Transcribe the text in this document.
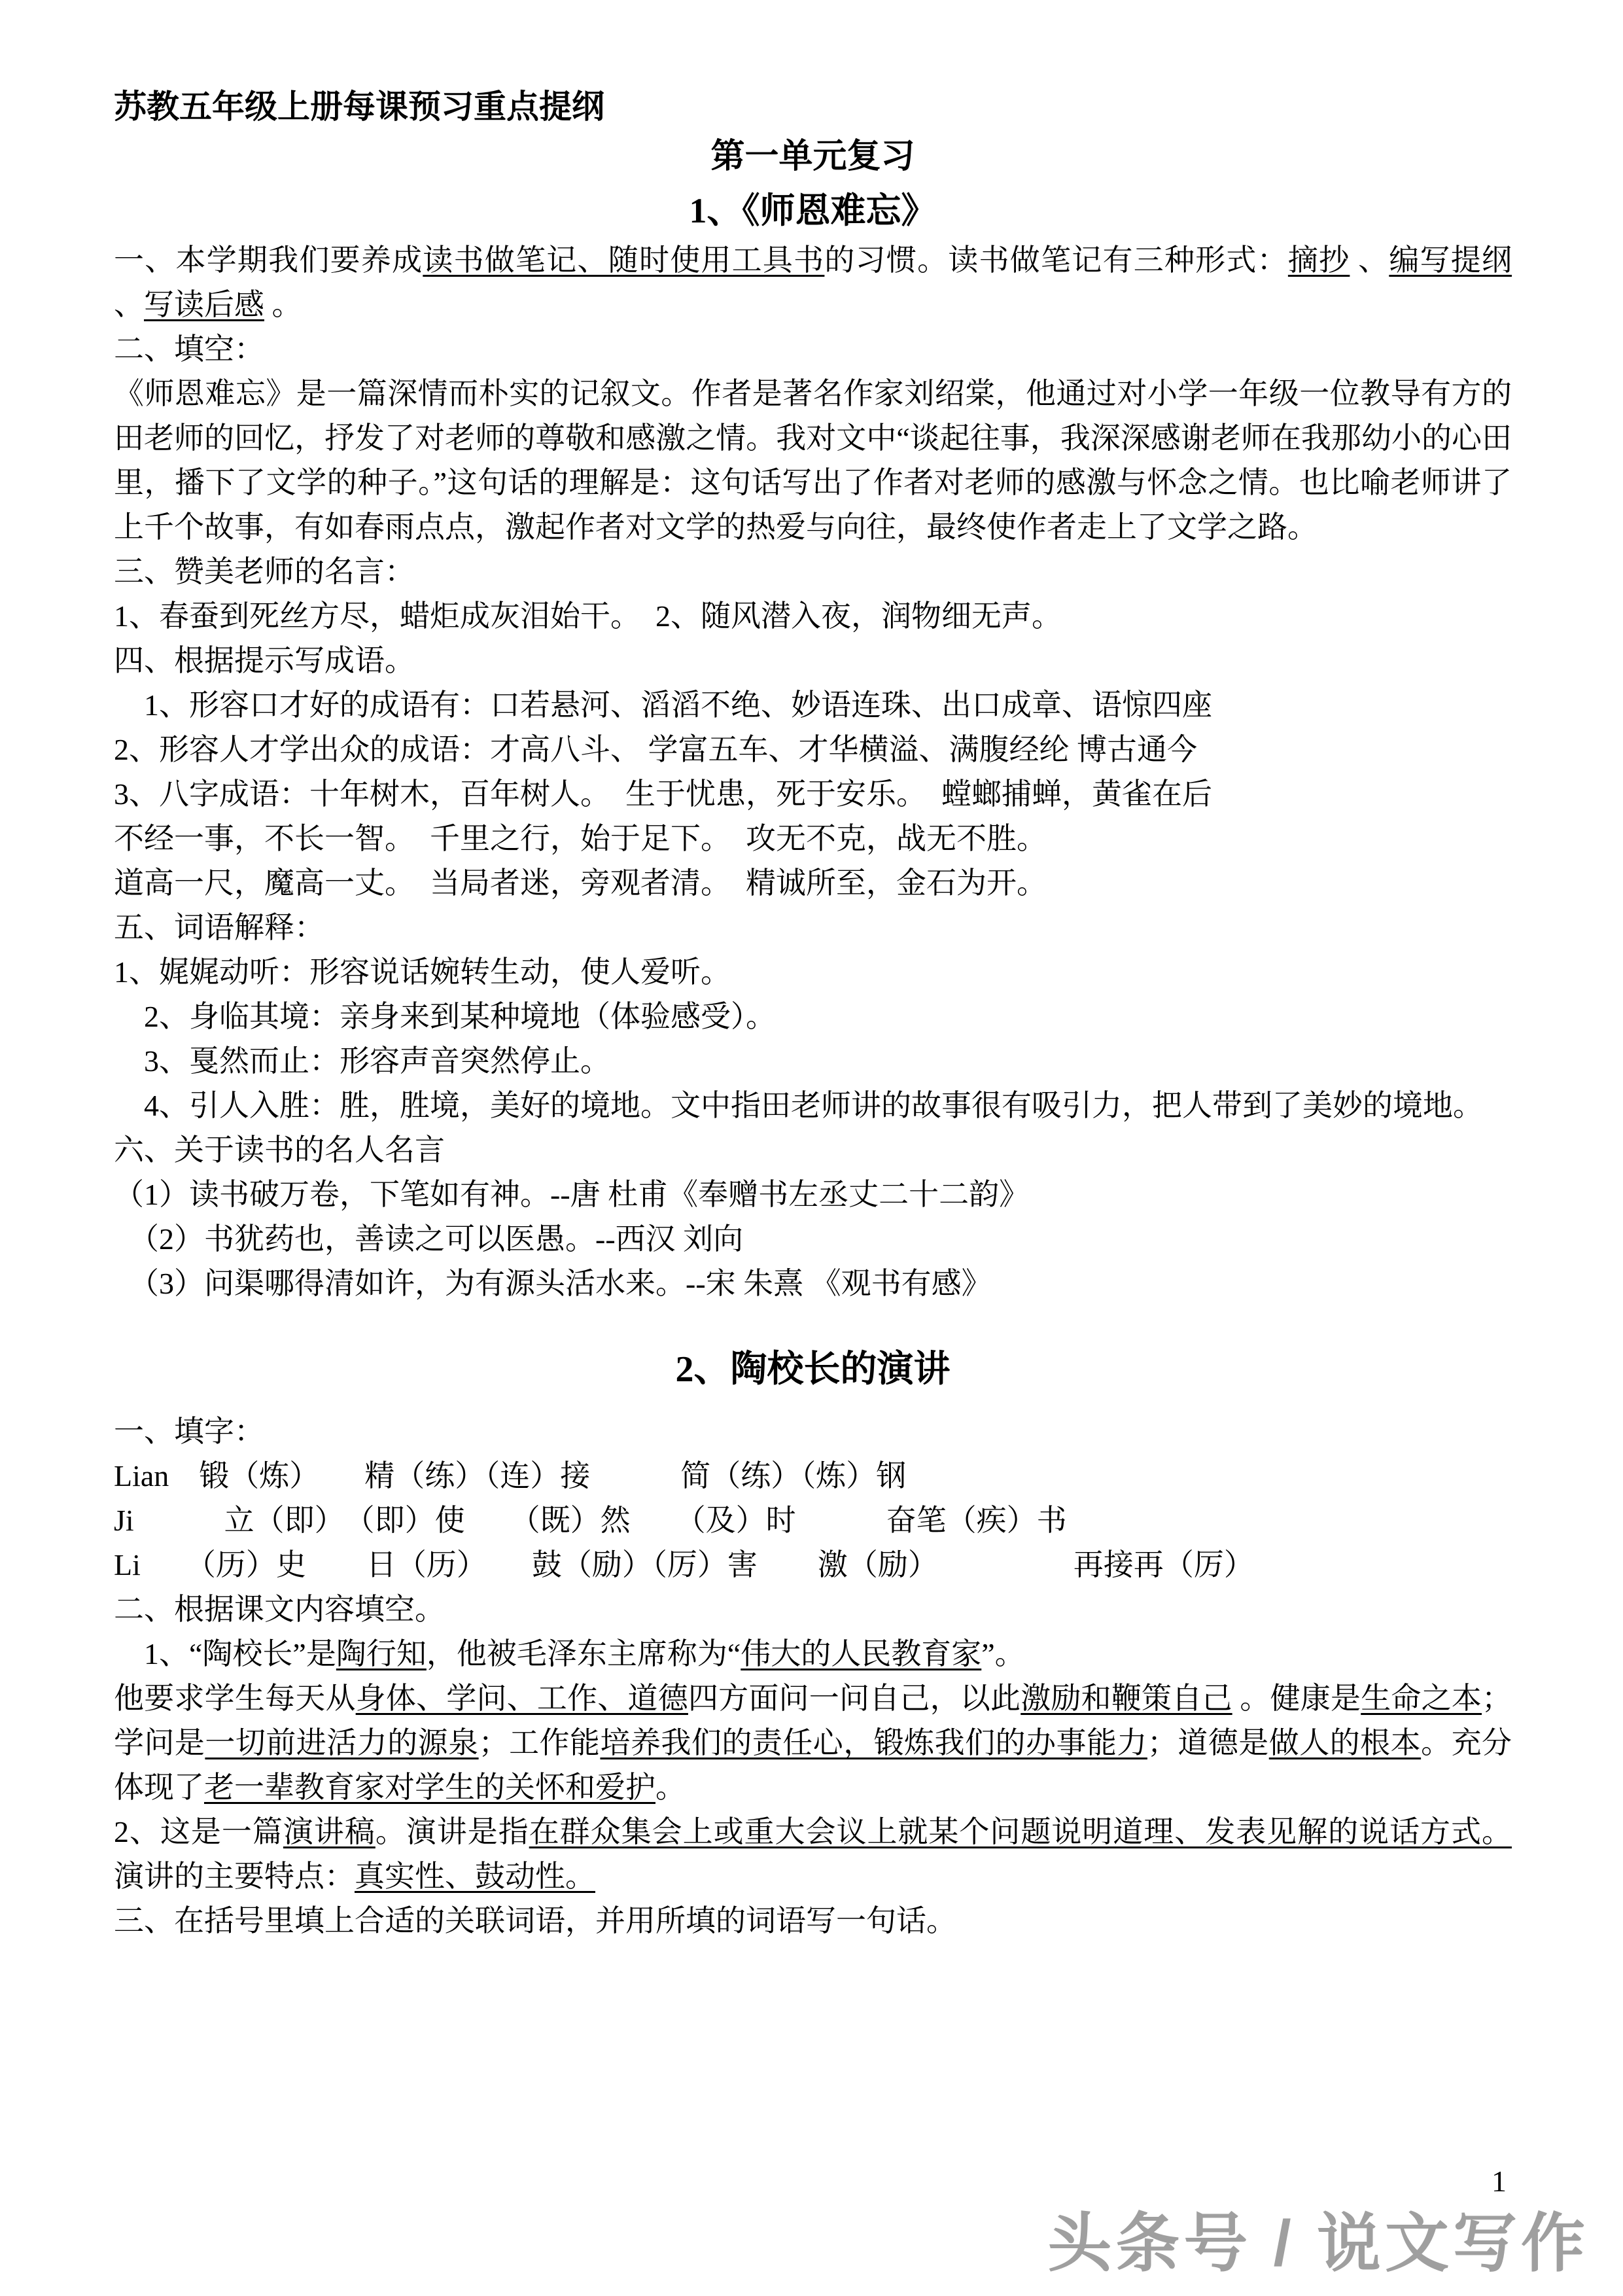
苏教五年级上册每课预习重点提纲
第一单元复习
1、《师恩难忘》

一、本学期我们要养成读书做笔记、随时使用工具书的习惯。读书做笔记有三种形式：摘抄 、编写提纲 、写读后感 。

二、填空：

《师恩难忘》是一篇深情而朴实的记叙文。作者是著名作家刘绍棠，他通过对小学一年级一位教导有方的田老师的回忆，抒发了对老师的尊敬和感激之情。我对文中“谈起往事，我深深感谢老师在我那幼小的心田里，播下了文学的种子。”这句话的理解是：这句话写出了作者对老师的感激与怀念之情。也比喻老师讲了上千个故事，有如春雨点点，激起作者对文学的热爱与向往，最终使作者走上了文学之路。

三、赞美老师的名言：

1、春蚕到死丝方尽，蜡炬成灰泪始干。　2、随风潜入夜，润物细无声。

四、根据提示写成语。

　1、形容口才好的成语有：口若悬河、滔滔不绝、妙语连珠、出口成章、语惊四座

2、形容人才学出众的成语：才高八斗、 学富五车、才华横溢、满腹经纶 博古通今

3、八字成语：十年树木，百年树人。　生于忧患，死于安乐。　螳螂捕蝉，黄雀在后

不经一事，不长一智。　千里之行，始于足下。　攻无不克，战无不胜。

道高一尺，魔高一丈。　当局者迷，旁观者清。　精诚所至，金石为开。

五、词语解释：

1、娓娓动听：形容说话婉转生动，使人爱听。

　2、身临其境：亲身来到某种境地（体验感受）。

　3、戛然而止：形容声音突然停止。

　4、引人入胜：胜，胜境，美好的境地。文中指田老师讲的故事很有吸引力，把人带到了美妙的境地。

六、关于读书的名人名言

（1）读书破万卷，下笔如有神。--唐 杜甫《奉赠书左丞丈二十二韵》

　（2）书犹药也，善读之可以医愚。--西汉 刘向

　（3）问渠哪得清如许，为有源头活水来。--宋 朱熹 《观书有感》

2、陶校长的演讲

一、填字：

Lian　锻（炼）　　精（练）（连）接　　　简（练）（炼）钢

Ji　　　立（即）　（即）使　　（既）然　　（及）时　　　奋笔（疾）书

Li　　（历）史　　日（历）　　鼓（励）（厉）害　　激（励）　　　　　再接再（厉）

二、根据课文内容填空。

　1、“陶校长”是陶行知，他被毛泽东主席称为“伟大的人民教育家”。

他要求学生每天从身体、学问、工作、道德四方面问一问自己，以此激励和鞭策自己 。健康是生命之本；学问是一切前进活力的源泉；工作能培养我们的责任心，锻炼我们的办事能力；道德是做人的根本。充分体现了老一辈教育家对学生的关怀和爱护。

2、这是一篇演讲稿。演讲是指在群众集会上或重大会议上就某个问题说明道理、发表见解的说话方式。演讲的主要特点：真实性、鼓动性。

三、在括号里填上合适的关联词语，并用所填的词语写一句话。

1
头条号 / 说文写作
